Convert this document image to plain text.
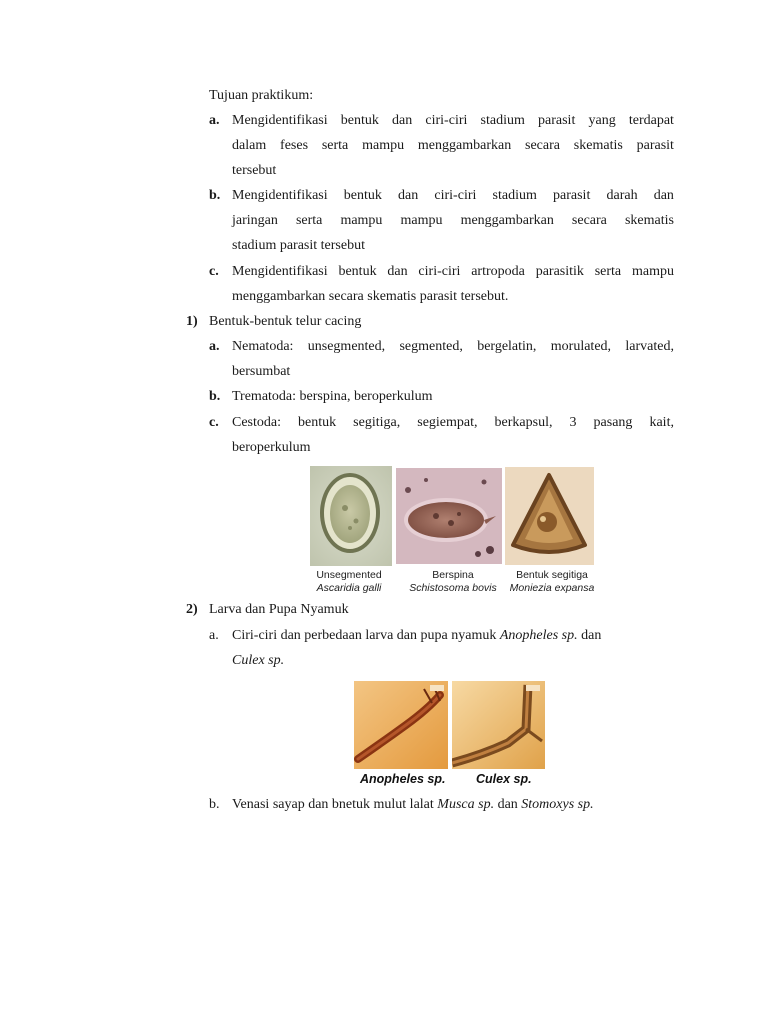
Tujuan praktikum:
a. Mengidentifikasi bentuk dan ciri-ciri stadium parasit yang terdapat
dalam feses serta mampu menggambarkan secara skematis parasit
tersebut
b. Mengidentifikasi bentuk dan ciri-ciri stadium parasit darah dan
jaringan serta mampu mampu menggambarkan secara skematis
stadium parasit tersebut
c. Mengidentifikasi bentuk dan ciri-ciri artropoda parasitik serta mampu
menggambarkan secara skematis parasit tersebut.
1) Bentuk-bentuk telur cacing
a. Nematoda: unsegmented, segmented, bergelatin, morulated, larvated,
bersumbat
b. Trematoda: berspina, beroperkulum
c. Cestoda: bentuk segitiga, segiempat, berkapsul, 3 pasang kait,
beroperkulum
Unsegmented
Ascaridia galli
Berspina
Schistosoma bovis
Bentuk segitiga
Moniezia expansa
2) Larva dan Pupa Nyamuk
a. Ciri-ciri dan perbedaan larva dan pupa nyamuk Anopheles sp. dan
Culex sp.
Anopheles sp. Culex sp.
b. Venasi sayap dan bnetuk mulut lalat Musca sp. dan Stomoxys sp.
